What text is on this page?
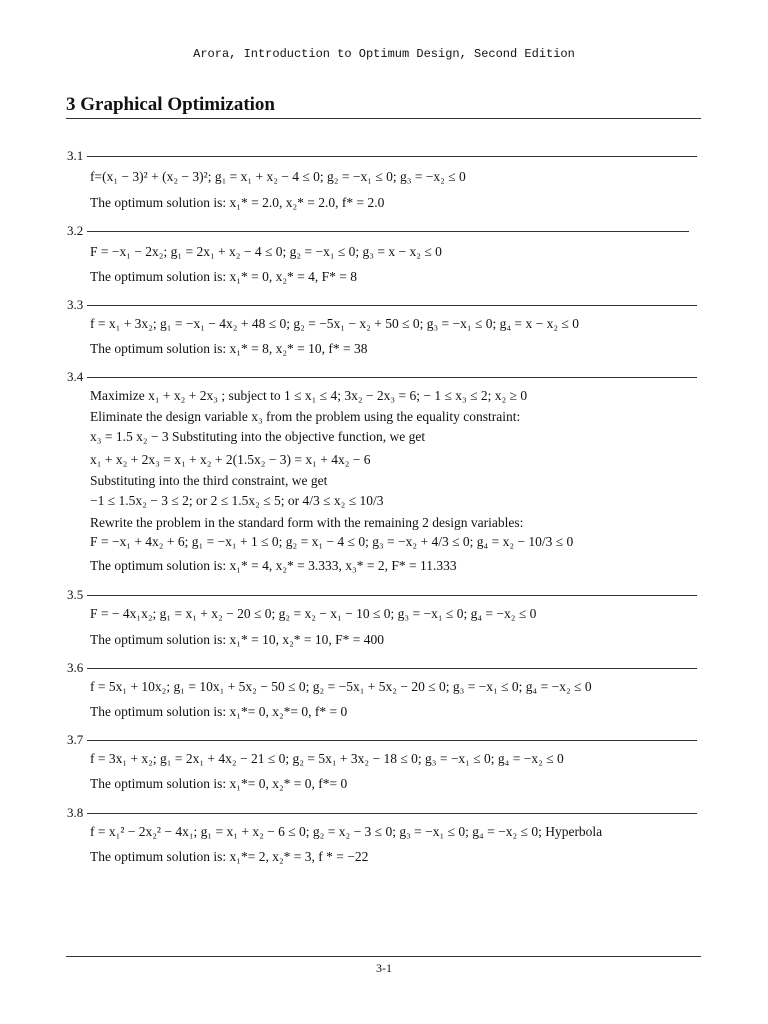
Arora, Introduction to Optimum Design, Second Edition
3 Graphical Optimization
3.1
f=(x₁ − 3)² + (x₂ − 3)²; g₁ = x₁ + x₂ − 4 ≤ 0; g₂ = −x₁ ≤ 0; g₃ = −x₂ ≤ 0
The optimum solution is: x₁* = 2.0, x₂* = 2.0, f* = 2.0
3.2
F = −x₁ − 2x₂; g₁ = 2x₁ + x₂ − 4 ≤ 0; g₂ = −x₁ ≤ 0; g₃ = x − x₂ ≤ 0
The optimum solution is: x₁* = 0, x₂* = 4, F* = 8
3.3
f = x₁ + 3x₂; g₁ = −x₁ − 4x₂ + 48 ≤ 0; g₂ = −5x₁ − x₂ + 50 ≤ 0; g₃ = −x₁ ≤ 0; g₄ = x − x₂ ≤ 0
The optimum solution is: x₁* = 8, x₂* = 10, f* = 38
3.4
Maximize x₁ + x₂ + 2x₃ ; subject to 1 ≤ x₁ ≤ 4; 3x₂ − 2x₃ = 6; − 1 ≤ x₃ ≤ 2; x₂ ≥ 0
Eliminate the design variable x₃ from the problem using the equality constraint:
x₃ = 1.5 x₂ − 3 Substituting into the objective function, we get
x₁ + x₂ + 2x₃ = x₁ + x₂ + 2(1.5x₂ − 3) = x₁ + 4x₂ − 6
Substituting into the third constraint, we get
−1 ≤ 1.5x₂ − 3 ≤ 2; or 2 ≤ 1.5x₂ ≤ 5; or 4/3 ≤ x₂ ≤ 10/3
Rewrite the problem in the standard form with the remaining 2 design variables:
F = −x₁ + 4x₂ + 6; g₁ = −x₁ + 1 ≤ 0; g₂ = x₁ − 4 ≤ 0; g₃ = −x₂ + 4/3 ≤ 0; g₄ = x₂ − 10/3 ≤ 0
The optimum solution is: x₁* = 4, x₂* = 3.333, x₃* = 2, F* = 11.333
3.5
F = − 4x₁x₂; g₁ = x₁ + x₂ − 20 ≤ 0; g₂ = x₂ − x₁ − 10 ≤ 0; g₃ = −x₁ ≤ 0; g₄ = −x₂ ≤ 0
The optimum solution is: x₁* = 10, x₂* = 10, F* = 400
3.6
f = 5x₁ + 10x₂; g₁ = 10x₁ + 5x₂ − 50 ≤ 0; g₂ = −5x₁ + 5x₂ − 20 ≤ 0; g₃ = −x₁ ≤ 0; g₄ = −x₂ ≤ 0
The optimum solution is: x₁*= 0, x₂*= 0, f* = 0
3.7
f = 3x₁ + x₂; g₁ = 2x₁ + 4x₂ − 21 ≤ 0; g₂ = 5x₁ + 3x₂ − 18 ≤ 0; g₃ = −x₁ ≤ 0; g₄ = −x₂ ≤ 0
The optimum solution is: x₁*= 0, x₂* = 0, f*= 0
3.8
f = x₁² − 2x₂² − 4x₁; g₁ = x₁ + x₂ − 6 ≤ 0; g₂ = x₂ − 3 ≤ 0; g₃ = −x₁ ≤ 0; g₄ = −x₂ ≤ 0; Hyperbola
The optimum solution is: x₁*= 2, x₂* = 3, f * = −22
3-1
